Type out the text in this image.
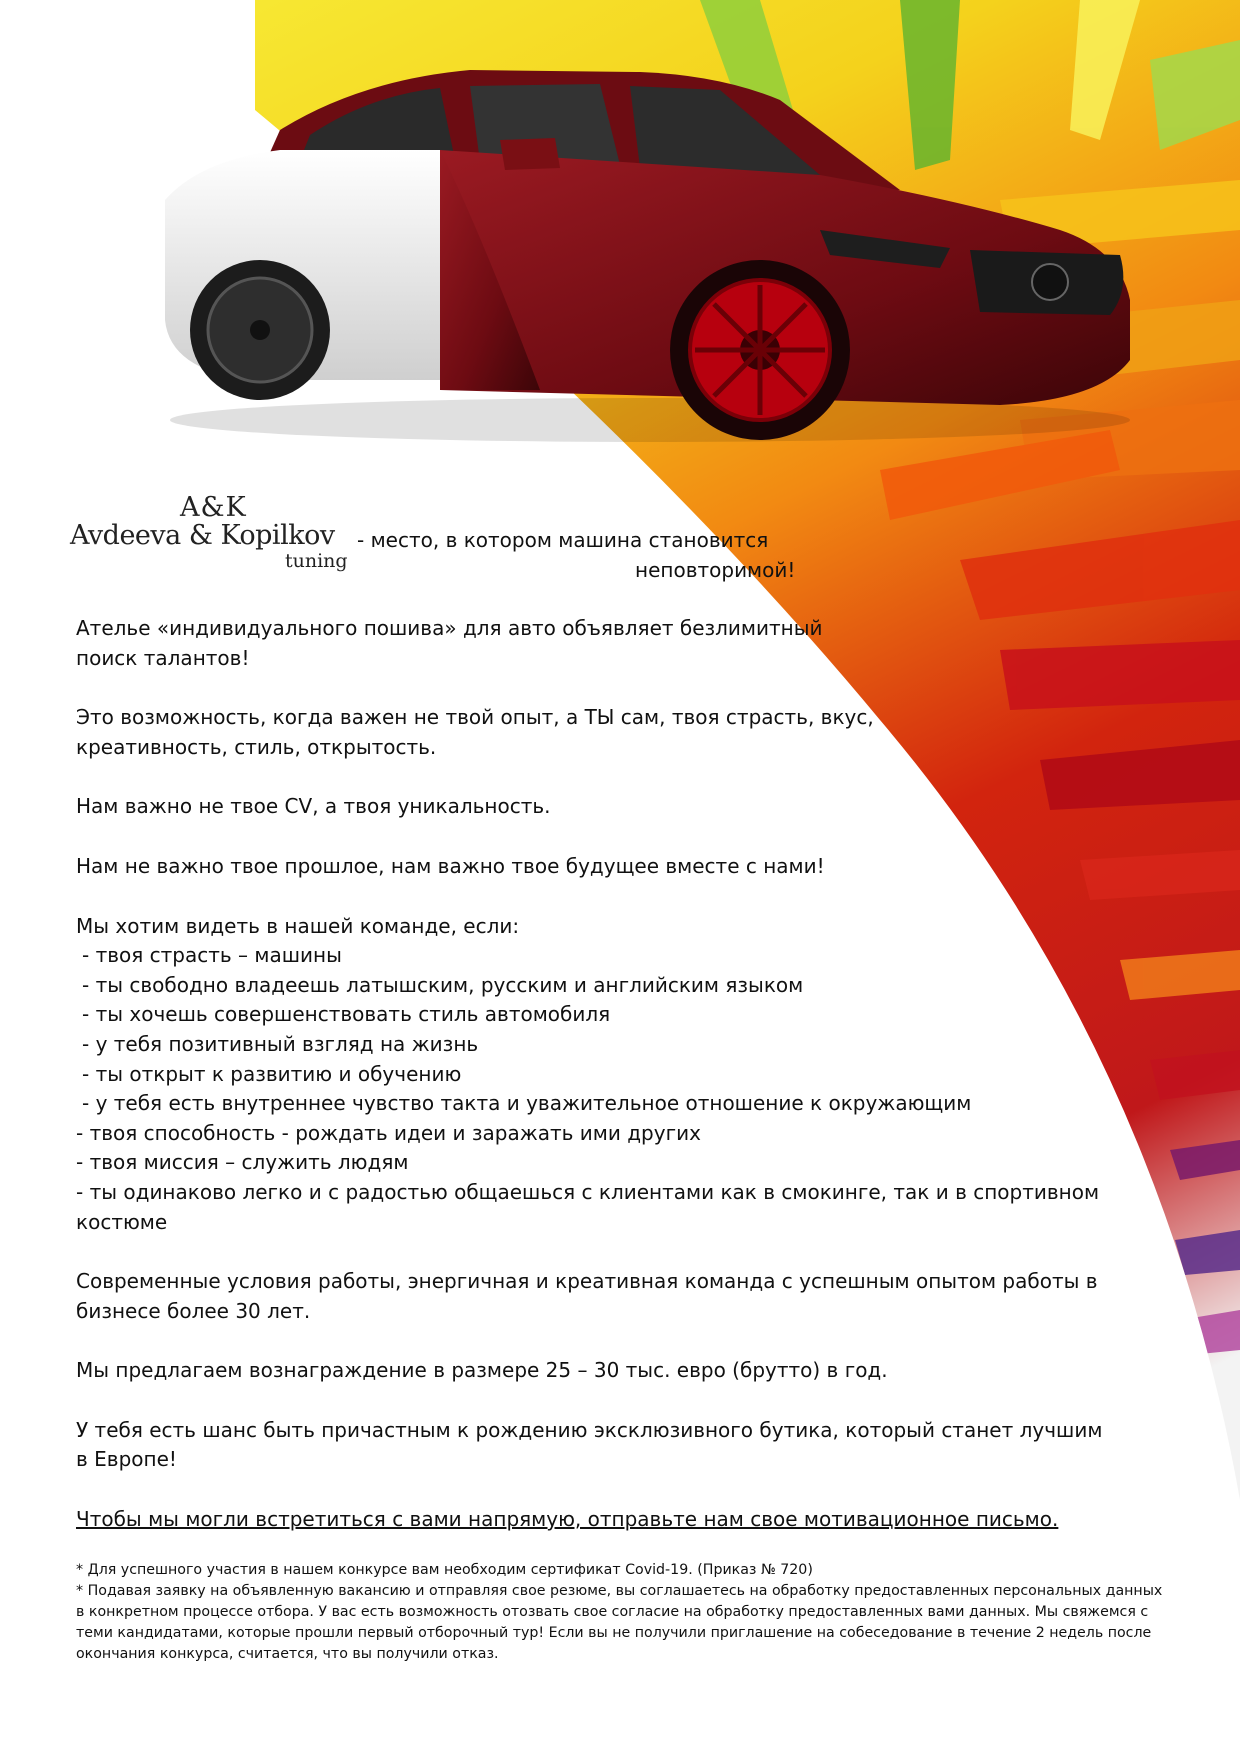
A&K
Avdeeva & Kopilkov
tuning
- место, в котором машина становится
неповторимой!

Ателье «индивидуального пошива» для авто объявляет безлимитный поиск талантов!

Это возможность, когда важен не твой опыт, а ТЫ сам, твоя страсть, вкус, креативность, стиль, открытость.

Нам важно не твое CV, а твоя уникальность.

Нам не важно твое прошлое, нам важно твое будущее вместе с нами!

Мы хотим видеть в нашей команде, если:
- твоя страсть – машины
- ты свободно владеешь латышским, русским и английским языком
- ты хочешь совершенствовать стиль автомобиля
- у тебя позитивный взгляд на жизнь
- ты открыт к развитию и обучению
- у тебя есть внутреннее чувство такта и уважительное отношение к окружающим
- твоя способность - рождать идеи и заражать ими других
- твоя миссия – служить людям
- ты одинаково легко и с радостью общаешься с клиентами как в смокинге, так и в спортивном костюме

Современные условия работы, энергичная и креативная команда с успешным опытом работы в бизнесе более 30 лет.

Мы предлагаем вознаграждение в размере 25 – 30 тыс. евро (брутто) в год.

У тебя есть шанс быть причастным к рождению эксклюзивного бутика, который станет лучшим в Европе!

Чтобы мы могли встретиться с вами напрямую, отправьте нам свое мотивационное письмо.

* Для успешного участия в нашем конкурсе вам необходим сертификат Covid-19. (Приказ № 720)

* Подавая заявку на объявленную вакансию и отправляя свое резюме, вы соглашаетесь на обработку предоставленных персональных данных в конкретном процессе отбора. У вас есть возможность отозвать свое согласие на обработку предоставленных вами данных. Мы свяжемся с теми кандидатами, которые прошли первый отборочный тур! Если вы не получили приглашение на собеседование в течение 2 недель после окончания конкурса, считается, что вы получили отказ.
